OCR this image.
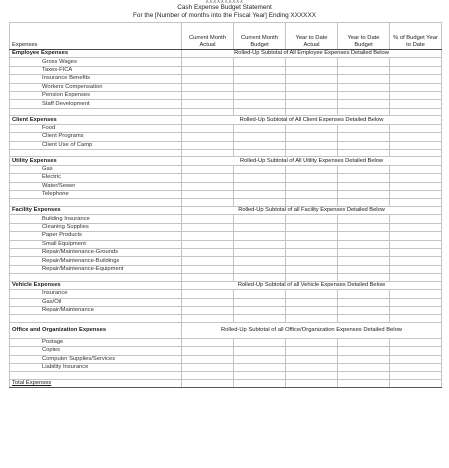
XXXXXXXXXX
Cash Expense Budget Statement
For the [Number of months into the Fiscal Year] Ending XXXXXX
Expenses	Current Month Actual	Current Month Budget	Year to Date Actual	Year to Date Budget	% of Budget Year to Date
Employee Expenses	Rolled-Up Subtotal of All Employee Expenses Detailed Below				
Gross Wages					
Taxes-FICA					
Insurance Benefits					
Workers Compensation					
Pension Expenses					
Staff Development					

Client Expenses	Rolled-Up Subtotal of All Client Expenses Detailed Below				
Food					
Client Programs					
Client Use of Camp					

Utility Expenses	Rolled-Up Subtotal of All Utility Expenses Detailed Below				
Gas					
Electric					
Water/Sewer					
Telephone					

Facility Expenses	Rolled-Up Subtotal of all Facility Expenses Detailed Below				
Building Insurance					
Cleaning Supplies					
Paper Products					
Small Equipment					
Repair/Maintenance-Grounds					
Repair/Maintenance-Buildings					
Repair/Maintenance-Equipment					

Vehicle Expenses	Rolled-Up Subtotal of all Vehicle Expenses Detailed Below				
Insurance					
Gas/Oil					
Repair/Maintenance					

Office and Organization Expenses	Rolled-Up Subtotal of all Office/Organization Expenses Detailed Below				
Postage					
Copies					
Computer Supplies/Services					
Liability Insurance					

Total Expenses					
